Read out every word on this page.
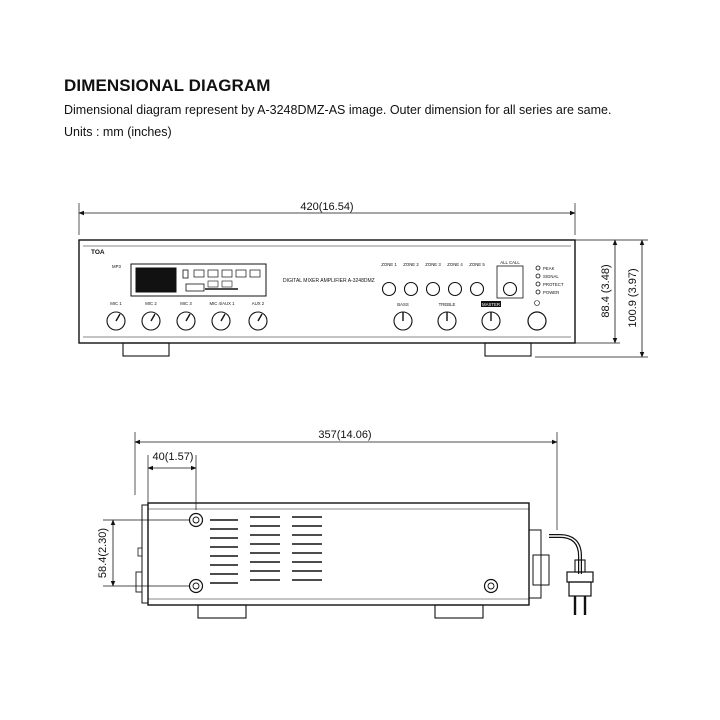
DIMENSIONAL DIAGRAM
Dimensional diagram represent by A-3248DMZ-AS image. Outer dimension for all series are same.
Units : mm (inches)
420(16.54)
88.4 (3.48) 100.9 (3.97)
TOA
DIGITAL MIXER AMPLIFIER A-3248DMZ
MP3
MIC 1	MIC 2	MIC 3	MIC 4/AUX 1	AUX 2	BASS	TREBLE	MASTER
ZONE 1 ZONE 2 ZONE 3 ZONE 4 ZONE 5	ALL CALL
PEAK
SIGNAL
PROTECT
POWER
357(14.06)
40(1.57)
58.4(2.30)
